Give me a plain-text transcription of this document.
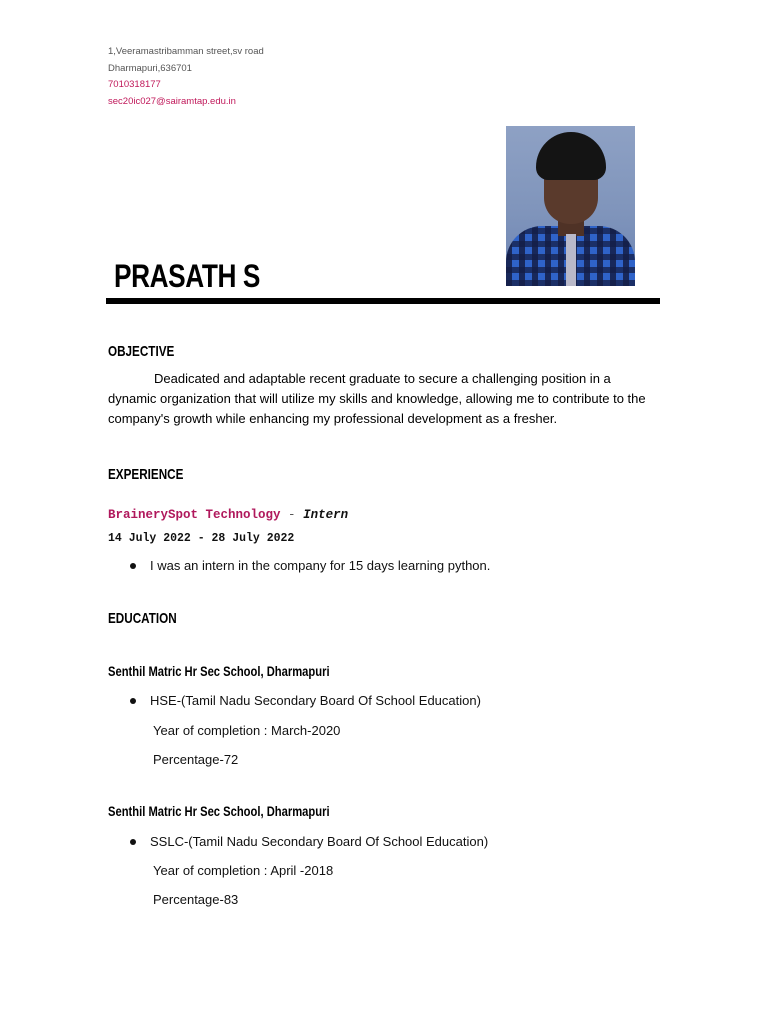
1,Veeramastribamman street,sv road
Dharmapuri,636701
7010318177
sec20ic027@sairamtap.edu.in
PRASATH S
OBJECTIVE
Deadicated and adaptable recent graduate to secure a challenging position in a dynamic organization that will utilize my skills and knowledge, allowing me to contribute to the company's growth while enhancing my professional development as a fresher.
EXPERIENCE
BrainerySpot Technology - Intern
14 July 2022 - 28 July 2022
I was an intern in the company for 15 days learning python.
EDUCATION
Senthil Matric Hr Sec School, Dharmapuri
HSE-(Tamil Nadu Secondary Board Of School Education)
Year of completion : March-2020
Percentage-72
Senthil Matric Hr Sec School, Dharmapuri
SSLC-(Tamil Nadu Secondary Board Of School Education)
Year of completion : April -2018
Percentage-83
